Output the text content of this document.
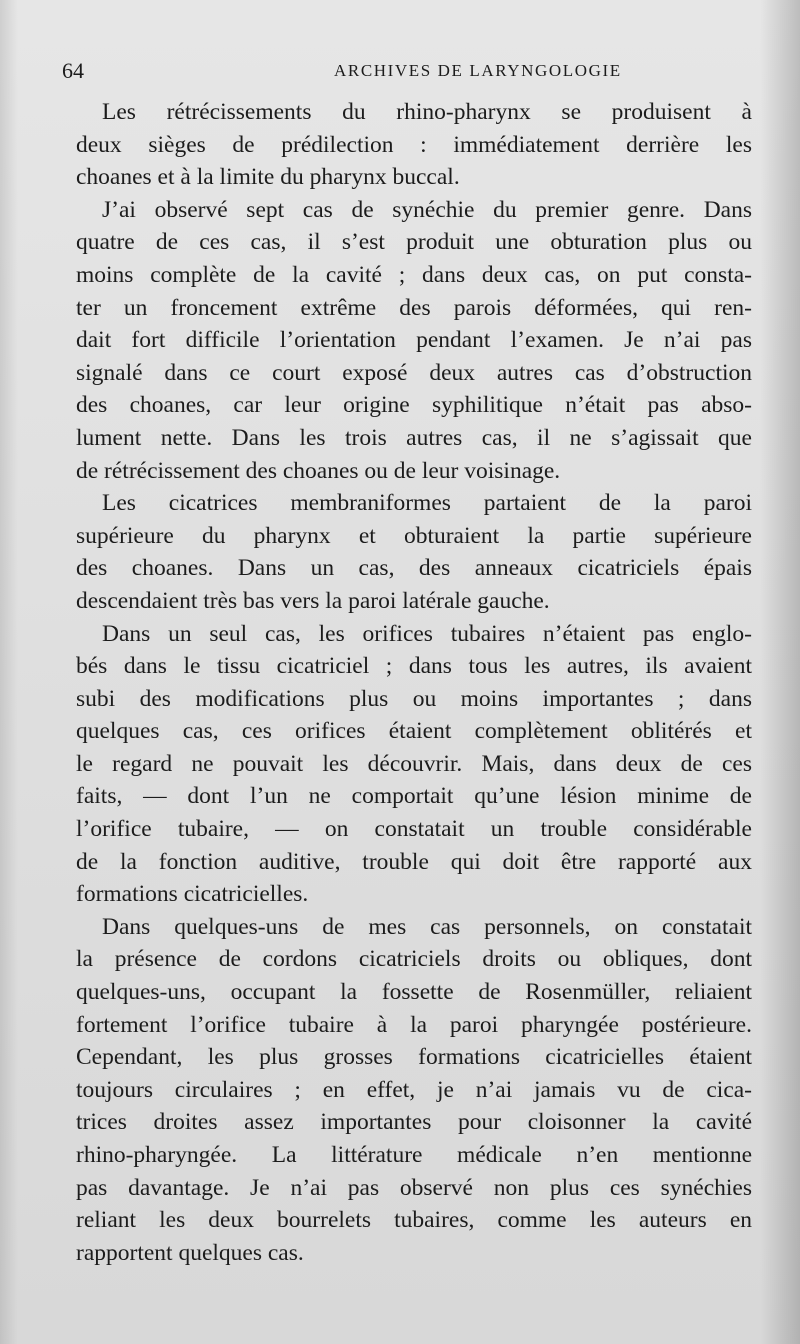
64	ARCHIVES DE LARYNGOLOGIE
Les rétrécissements du rhino-pharynx se produisent à
deux sièges de prédilection : immédiatement derrière les
choanes et à la limite du pharynx buccal.
J’ai observé sept cas de synéchie du premier genre. Dans
quatre de ces cas, il s’est produit une obturation plus ou
moins complète de la cavité ; dans deux cas, on put consta-
ter un froncement extrême des parois déformées, qui ren-
dait fort difficile l’orientation pendant l’examen. Je n’ai pas
signalé dans ce court exposé deux autres cas d’obstruction
des choanes, car leur origine syphilitique n’était pas abso-
lument nette. Dans les trois autres cas, il ne s’agissait que
de rétrécissement des choanes ou de leur voisinage.
Les cicatrices membraniformes partaient de la paroi
supérieure du pharynx et obturaient la partie supérieure
des choanes. Dans un cas, des anneaux cicatriciels épais
descendaient très bas vers la paroi latérale gauche.
Dans un seul cas, les orifices tubaires n’étaient pas englo-
bés dans le tissu cicatriciel ; dans tous les autres, ils avaient
subi des modifications plus ou moins importantes ; dans
quelques cas, ces orifices étaient complètement oblitérés et
le regard ne pouvait les découvrir. Mais, dans deux de ces
faits, — dont l’un ne comportait qu’une lésion minime de
l’orifice tubaire, — on constatait un trouble considérable
de la fonction auditive, trouble qui doit être rapporté aux
formations cicatricielles.
Dans quelques-uns de mes cas personnels, on constatait
la présence de cordons cicatriciels droits ou obliques, dont
quelques-uns, occupant la fossette de Rosenmüller, reliaient
fortement l’orifice tubaire à la paroi pharyngée postérieure.
Cependant, les plus grosses formations cicatricielles étaient
toujours circulaires ; en effet, je n’ai jamais vu de cica-
trices droites assez importantes pour cloisonner la cavité
rhino-pharyngée. La littérature médicale n’en mentionne
pas davantage. Je n’ai pas observé non plus ces synéchies
reliant les deux bourrelets tubaires, comme les auteurs en
rapportent quelques cas.
